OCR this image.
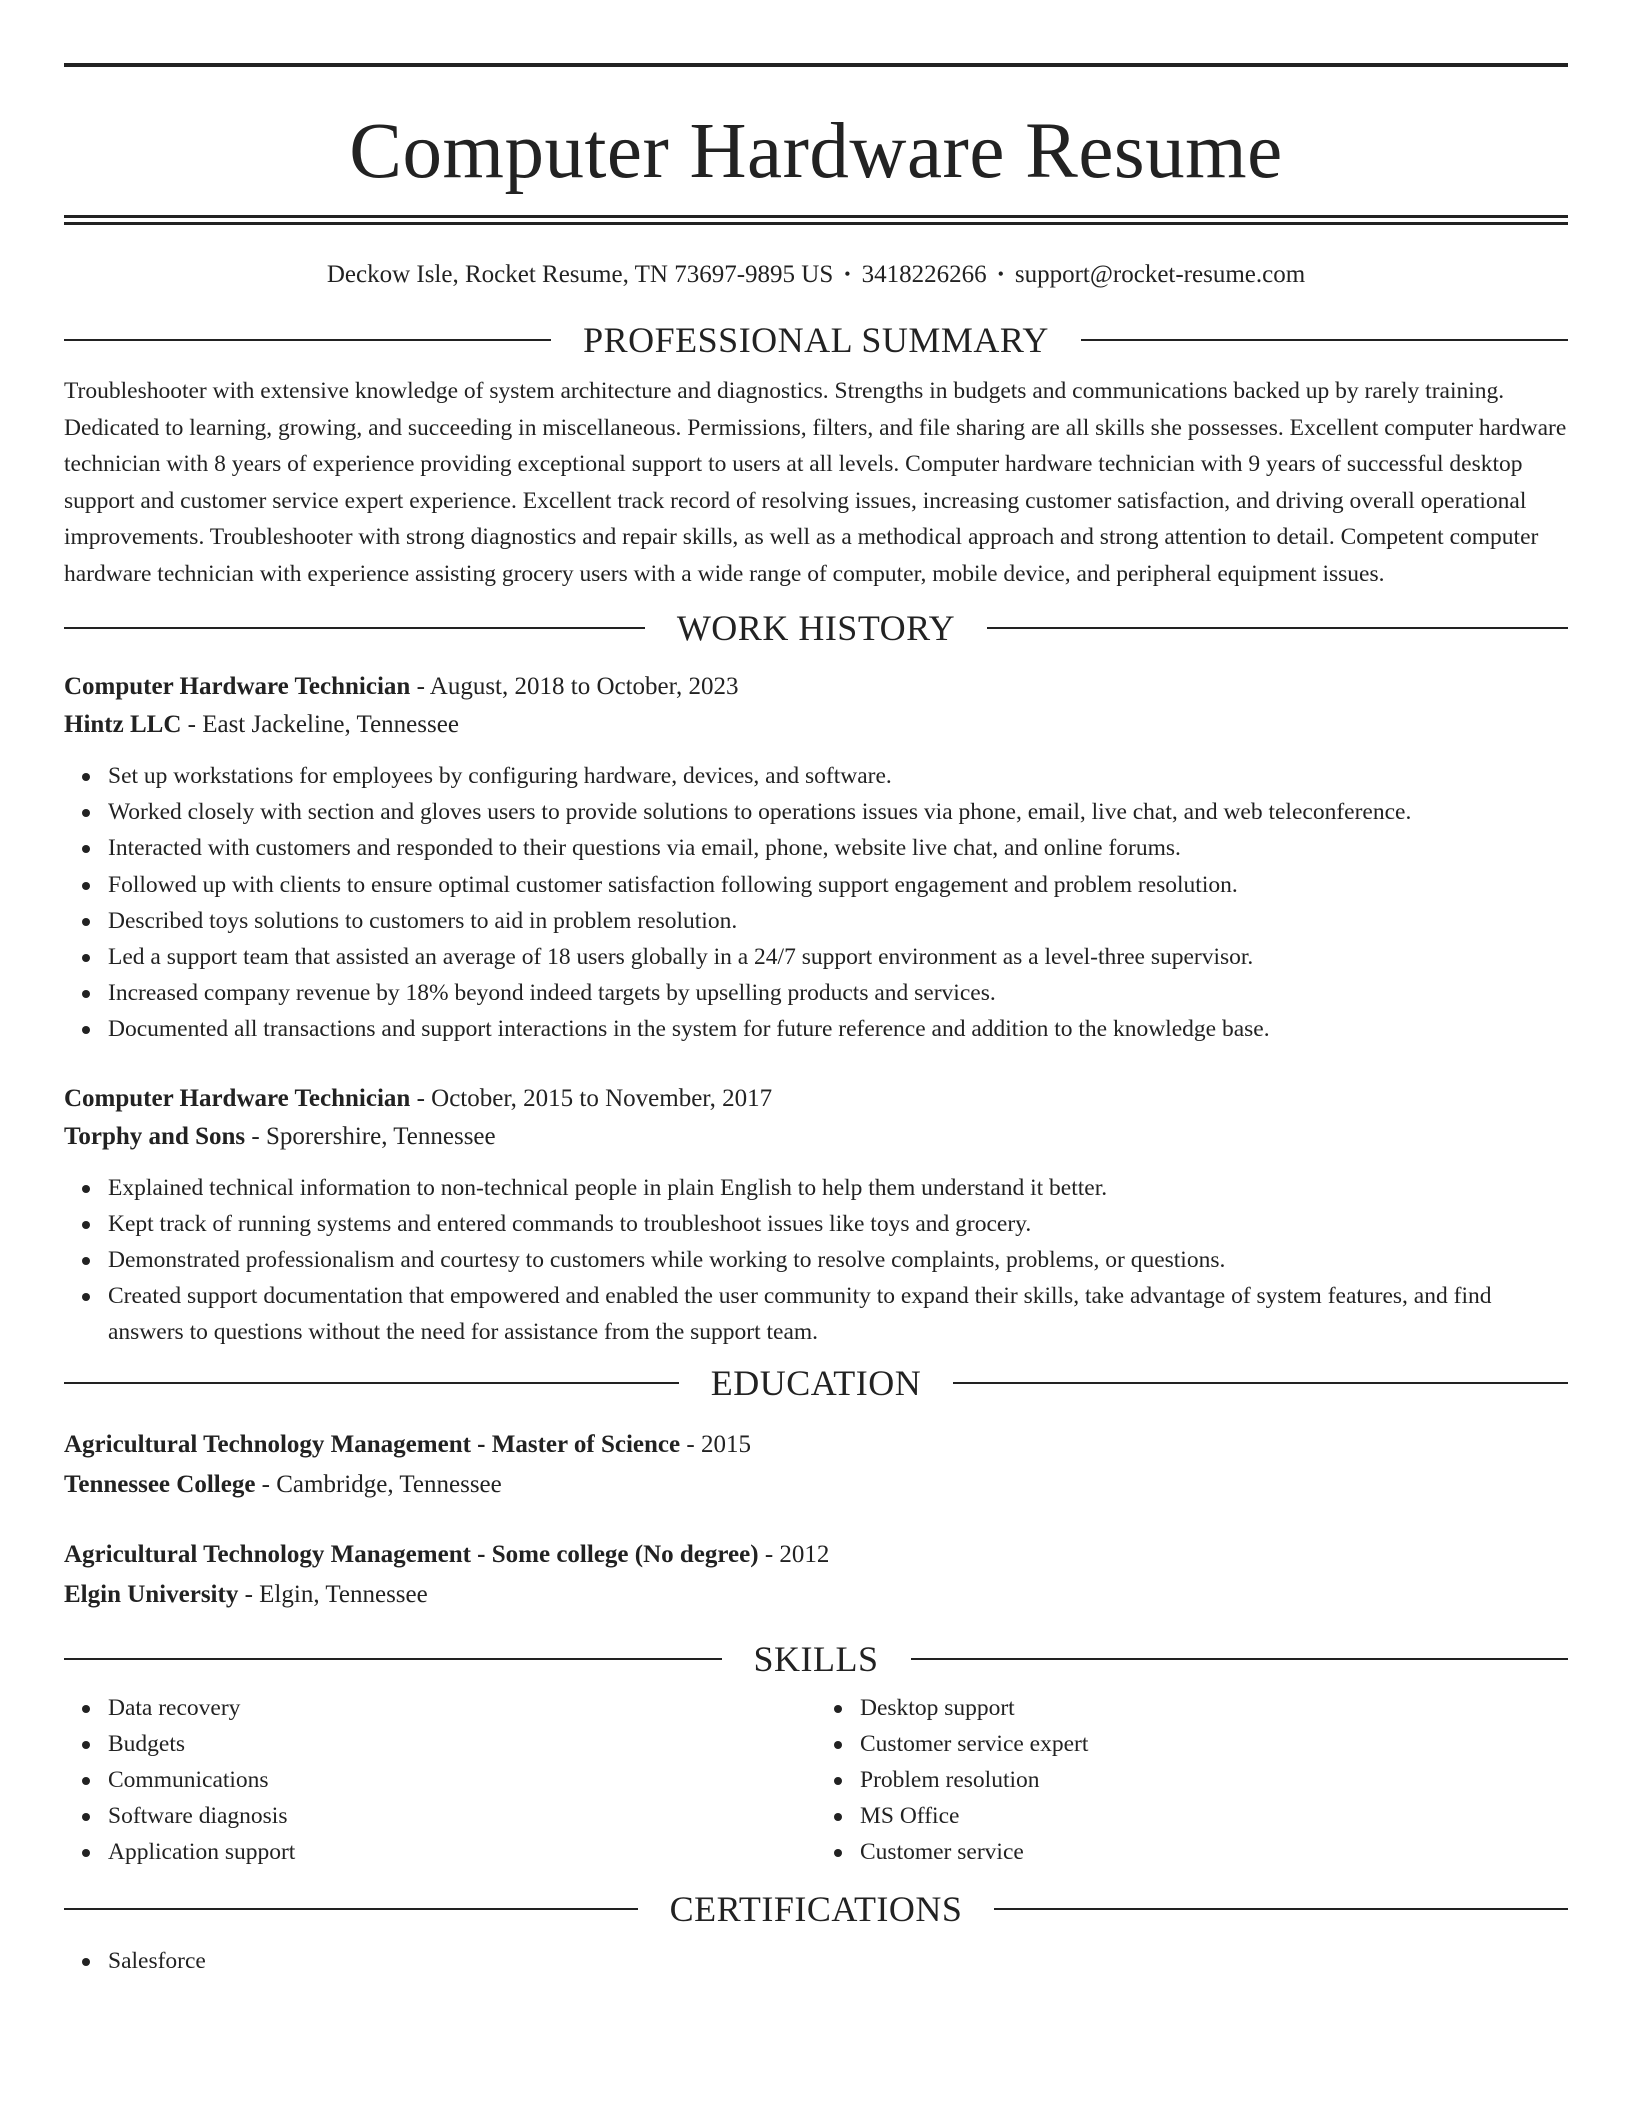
Computer Hardware Resume
Deckow Isle, Rocket Resume, TN 73697-9895 US • 3418226266 • support@rocket-resume.com
PROFESSIONAL SUMMARY

Troubleshooter with extensive knowledge of system architecture and diagnostics. Strengths in budgets and communications backed up by rarely training. Dedicated to learning, growing, and succeeding in miscellaneous. Permissions, filters, and file sharing are all skills she possesses. Excellent computer hardware technician with 8 years of experience providing exceptional support to users at all levels. Computer hardware technician with 9 years of successful desktop support and customer service expert experience. Excellent track record of resolving issues, increasing customer satisfaction, and driving overall operational improvements. Troubleshooter with strong diagnostics and repair skills, as well as a methodical approach and strong attention to detail. Competent computer hardware technician with experience assisting grocery users with a wide range of computer, mobile device, and peripheral equipment issues.

WORK HISTORY
Computer Hardware Technician - August, 2018 to October, 2023
Hintz LLC - East Jackeline, Tennessee
Set up workstations for employees by configuring hardware, devices, and software.
Worked closely with section and gloves users to provide solutions to operations issues via phone, email, live chat, and web teleconference.
Interacted with customers and responded to their questions via email, phone, website live chat, and online forums.
Followed up with clients to ensure optimal customer satisfaction following support engagement and problem resolution.
Described toys solutions to customers to aid in problem resolution.
Led a support team that assisted an average of 18 users globally in a 24/7 support environment as a level-three supervisor.
Increased company revenue by 18% beyond indeed targets by upselling products and services.
Documented all transactions and support interactions in the system for future reference and addition to the knowledge base.
Computer Hardware Technician - October, 2015 to November, 2017
Torphy and Sons - Sporershire, Tennessee
Explained technical information to non-technical people in plain English to help them understand it better.
Kept track of running systems and entered commands to troubleshoot issues like toys and grocery.
Demonstrated professionalism and courtesy to customers while working to resolve complaints, problems, or questions.
Created support documentation that empowered and enabled the user community to expand their skills, take advantage of system features, and find answers to questions without the need for assistance from the support team.
EDUCATION
Agricultural Technology Management - Master of Science - 2015
Tennessee College - Cambridge, Tennessee
Agricultural Technology Management - Some college (No degree) - 2012
Elgin University - Elgin, Tennessee
SKILLS
Data recovery
Budgets
Communications
Software diagnosis
Application support
Desktop support
Customer service expert
Problem resolution
MS Office
Customer service
CERTIFICATIONS
Salesforce
